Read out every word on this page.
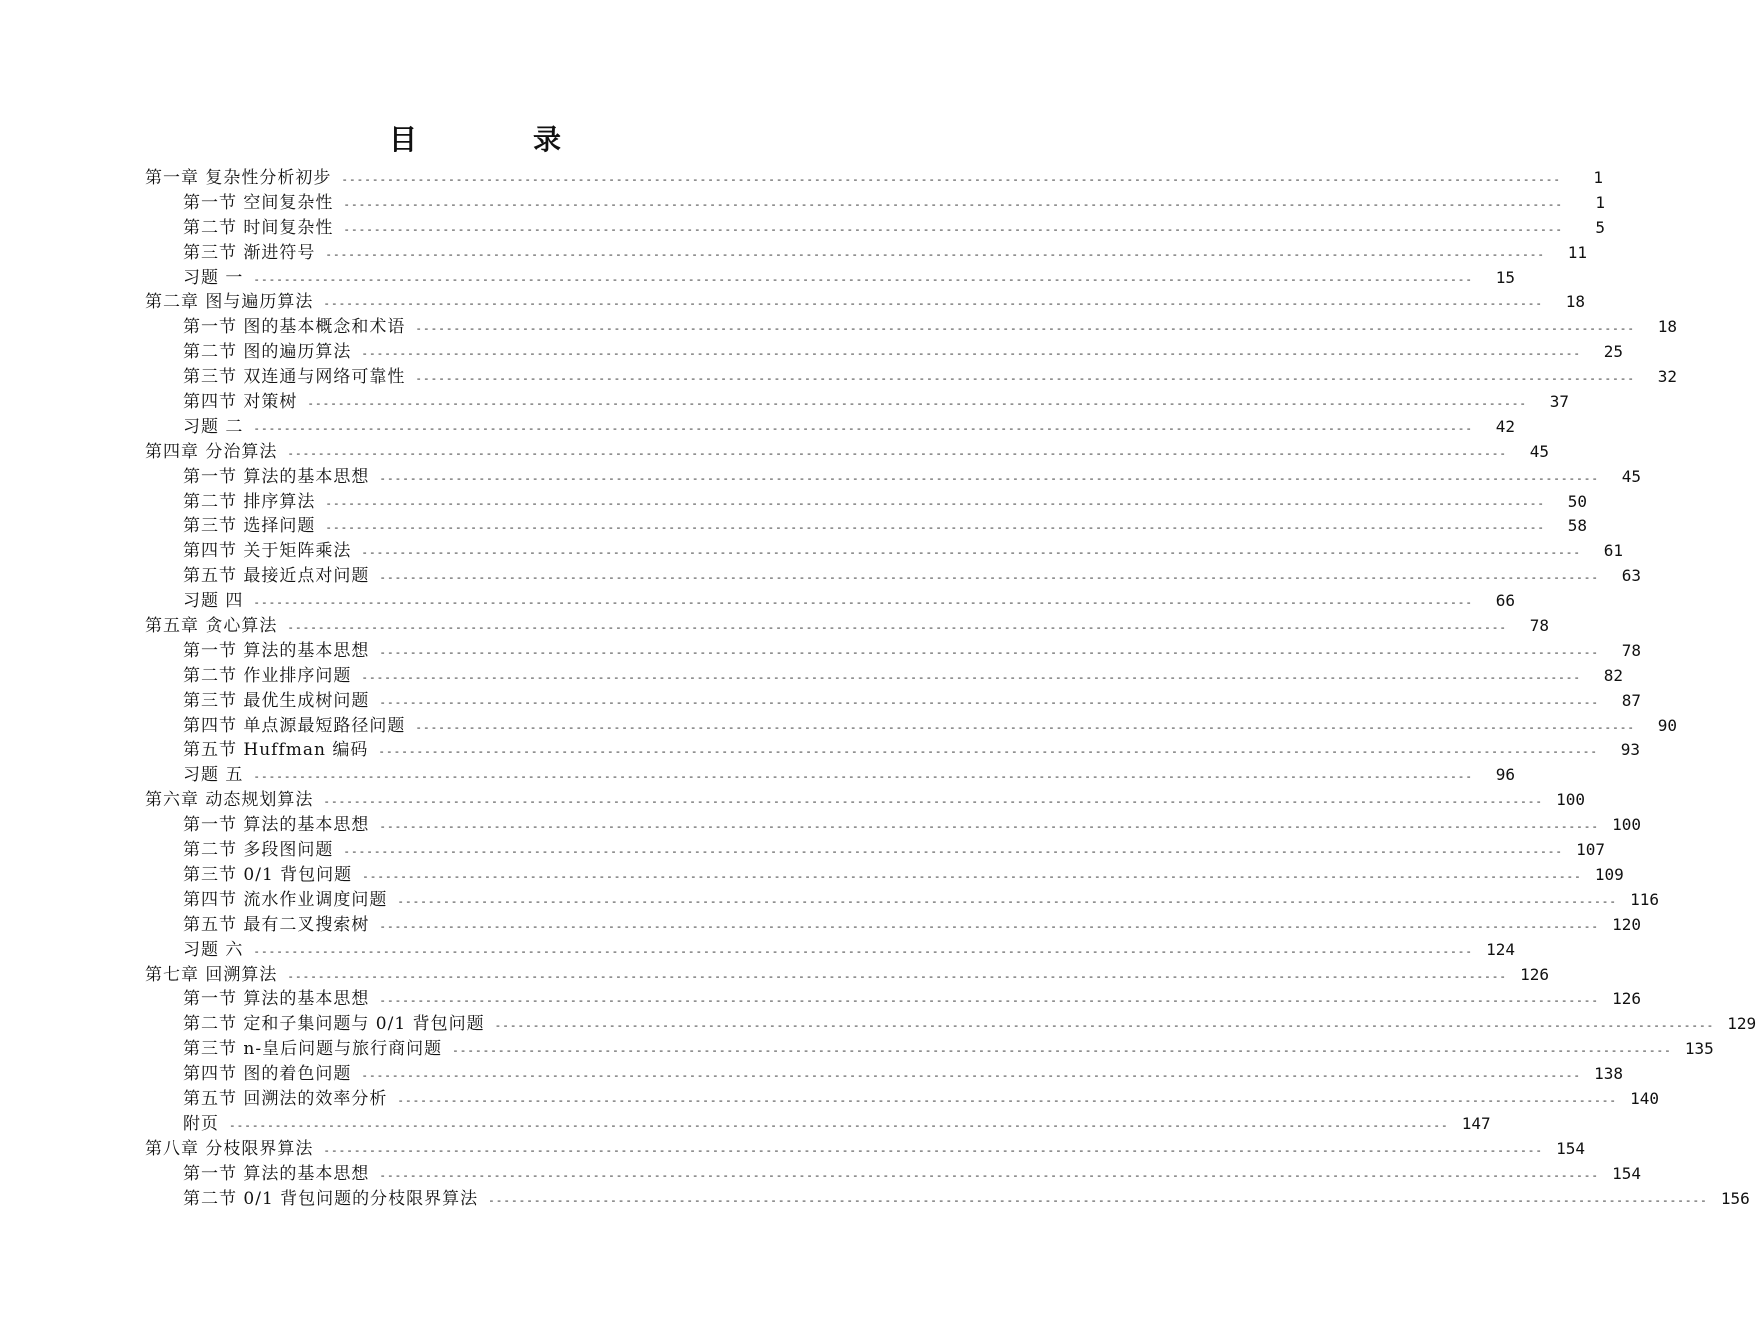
目　录
第一章 复杂性分析初步 ----------------------------------------------------------------------------------------------------------------------------------------------------------------	1
第一节 空间复杂性 ----------------------------------------------------------------------------------------------------------------------------------------------------------------	1
第二节 时间复杂性 ----------------------------------------------------------------------------------------------------------------------------------------------------------------	5
第三节 渐进符号 ----------------------------------------------------------------------------------------------------------------------------------------------------------------	11
习题 一 ----------------------------------------------------------------------------------------------------------------------------------------------------------------	15
第二章 图与遍历算法 ----------------------------------------------------------------------------------------------------------------------------------------------------------------	18
第一节 图的基本概念和术语 ----------------------------------------------------------------------------------------------------------------------------------------------------------------	18
第二节 图的遍历算法 ----------------------------------------------------------------------------------------------------------------------------------------------------------------	25
第三节 双连通与网络可靠性 ----------------------------------------------------------------------------------------------------------------------------------------------------------------	32
第四节 对策树 ----------------------------------------------------------------------------------------------------------------------------------------------------------------	37
习题 二 ----------------------------------------------------------------------------------------------------------------------------------------------------------------	42
第四章 分治算法 ----------------------------------------------------------------------------------------------------------------------------------------------------------------	45
第一节 算法的基本思想 ----------------------------------------------------------------------------------------------------------------------------------------------------------------	45
第二节 排序算法 ----------------------------------------------------------------------------------------------------------------------------------------------------------------	50
第三节 选择问题 ----------------------------------------------------------------------------------------------------------------------------------------------------------------	58
第四节 关于矩阵乘法 ----------------------------------------------------------------------------------------------------------------------------------------------------------------	61
第五节 最接近点对问题 ----------------------------------------------------------------------------------------------------------------------------------------------------------------	63
习题 四 ----------------------------------------------------------------------------------------------------------------------------------------------------------------	66
第五章 贪心算法 ----------------------------------------------------------------------------------------------------------------------------------------------------------------	78
第一节 算法的基本思想 ----------------------------------------------------------------------------------------------------------------------------------------------------------------	78
第二节 作业排序问题 ----------------------------------------------------------------------------------------------------------------------------------------------------------------	82
第三节 最优生成树问题 ----------------------------------------------------------------------------------------------------------------------------------------------------------------	87
第四节 单点源最短路径问题 ----------------------------------------------------------------------------------------------------------------------------------------------------------------	90
第五节 Huffman 编码 ----------------------------------------------------------------------------------------------------------------------------------------------------------------	93
习题 五 ----------------------------------------------------------------------------------------------------------------------------------------------------------------	96
第六章 动态规划算法 ---------------------------------------------------------------------------------------------------------------------------------------------------------------- 100
第一节 算法的基本思想 ---------------------------------------------------------------------------------------------------------------------------------------------------------------- 100
第二节 多段图问题 ---------------------------------------------------------------------------------------------------------------------------------------------------------------- 107
第三节 0/1 背包问题 ---------------------------------------------------------------------------------------------------------------------------------------------------------------- 109
第四节 流水作业调度问题 ---------------------------------------------------------------------------------------------------------------------------------------------------------------- 116
第五节 最有二叉搜索树 ---------------------------------------------------------------------------------------------------------------------------------------------------------------- 120
习题 六 ---------------------------------------------------------------------------------------------------------------------------------------------------------------- 124
第七章 回溯算法 ---------------------------------------------------------------------------------------------------------------------------------------------------------------- 126
第一节 算法的基本思想 ---------------------------------------------------------------------------------------------------------------------------------------------------------------- 126
第二节 定和子集问题与 0/1 背包问题 ---------------------------------------------------------------------------------------------------------------------------------------------------------------- 129
第三节 n-皇后问题与旅行商问题 ---------------------------------------------------------------------------------------------------------------------------------------------------------------- 135
第四节 图的着色问题 ---------------------------------------------------------------------------------------------------------------------------------------------------------------- 138
第五节 回溯法的效率分析 ---------------------------------------------------------------------------------------------------------------------------------------------------------------- 140
附页 ---------------------------------------------------------------------------------------------------------------------------------------------------------------- 147
第八章 分枝限界算法 ---------------------------------------------------------------------------------------------------------------------------------------------------------------- 154
第一节 算法的基本思想 ---------------------------------------------------------------------------------------------------------------------------------------------------------------- 154
第二节 0/1 背包问题的分枝限界算法 ---------------------------------------------------------------------------------------------------------------------------------------------------------------- 156
